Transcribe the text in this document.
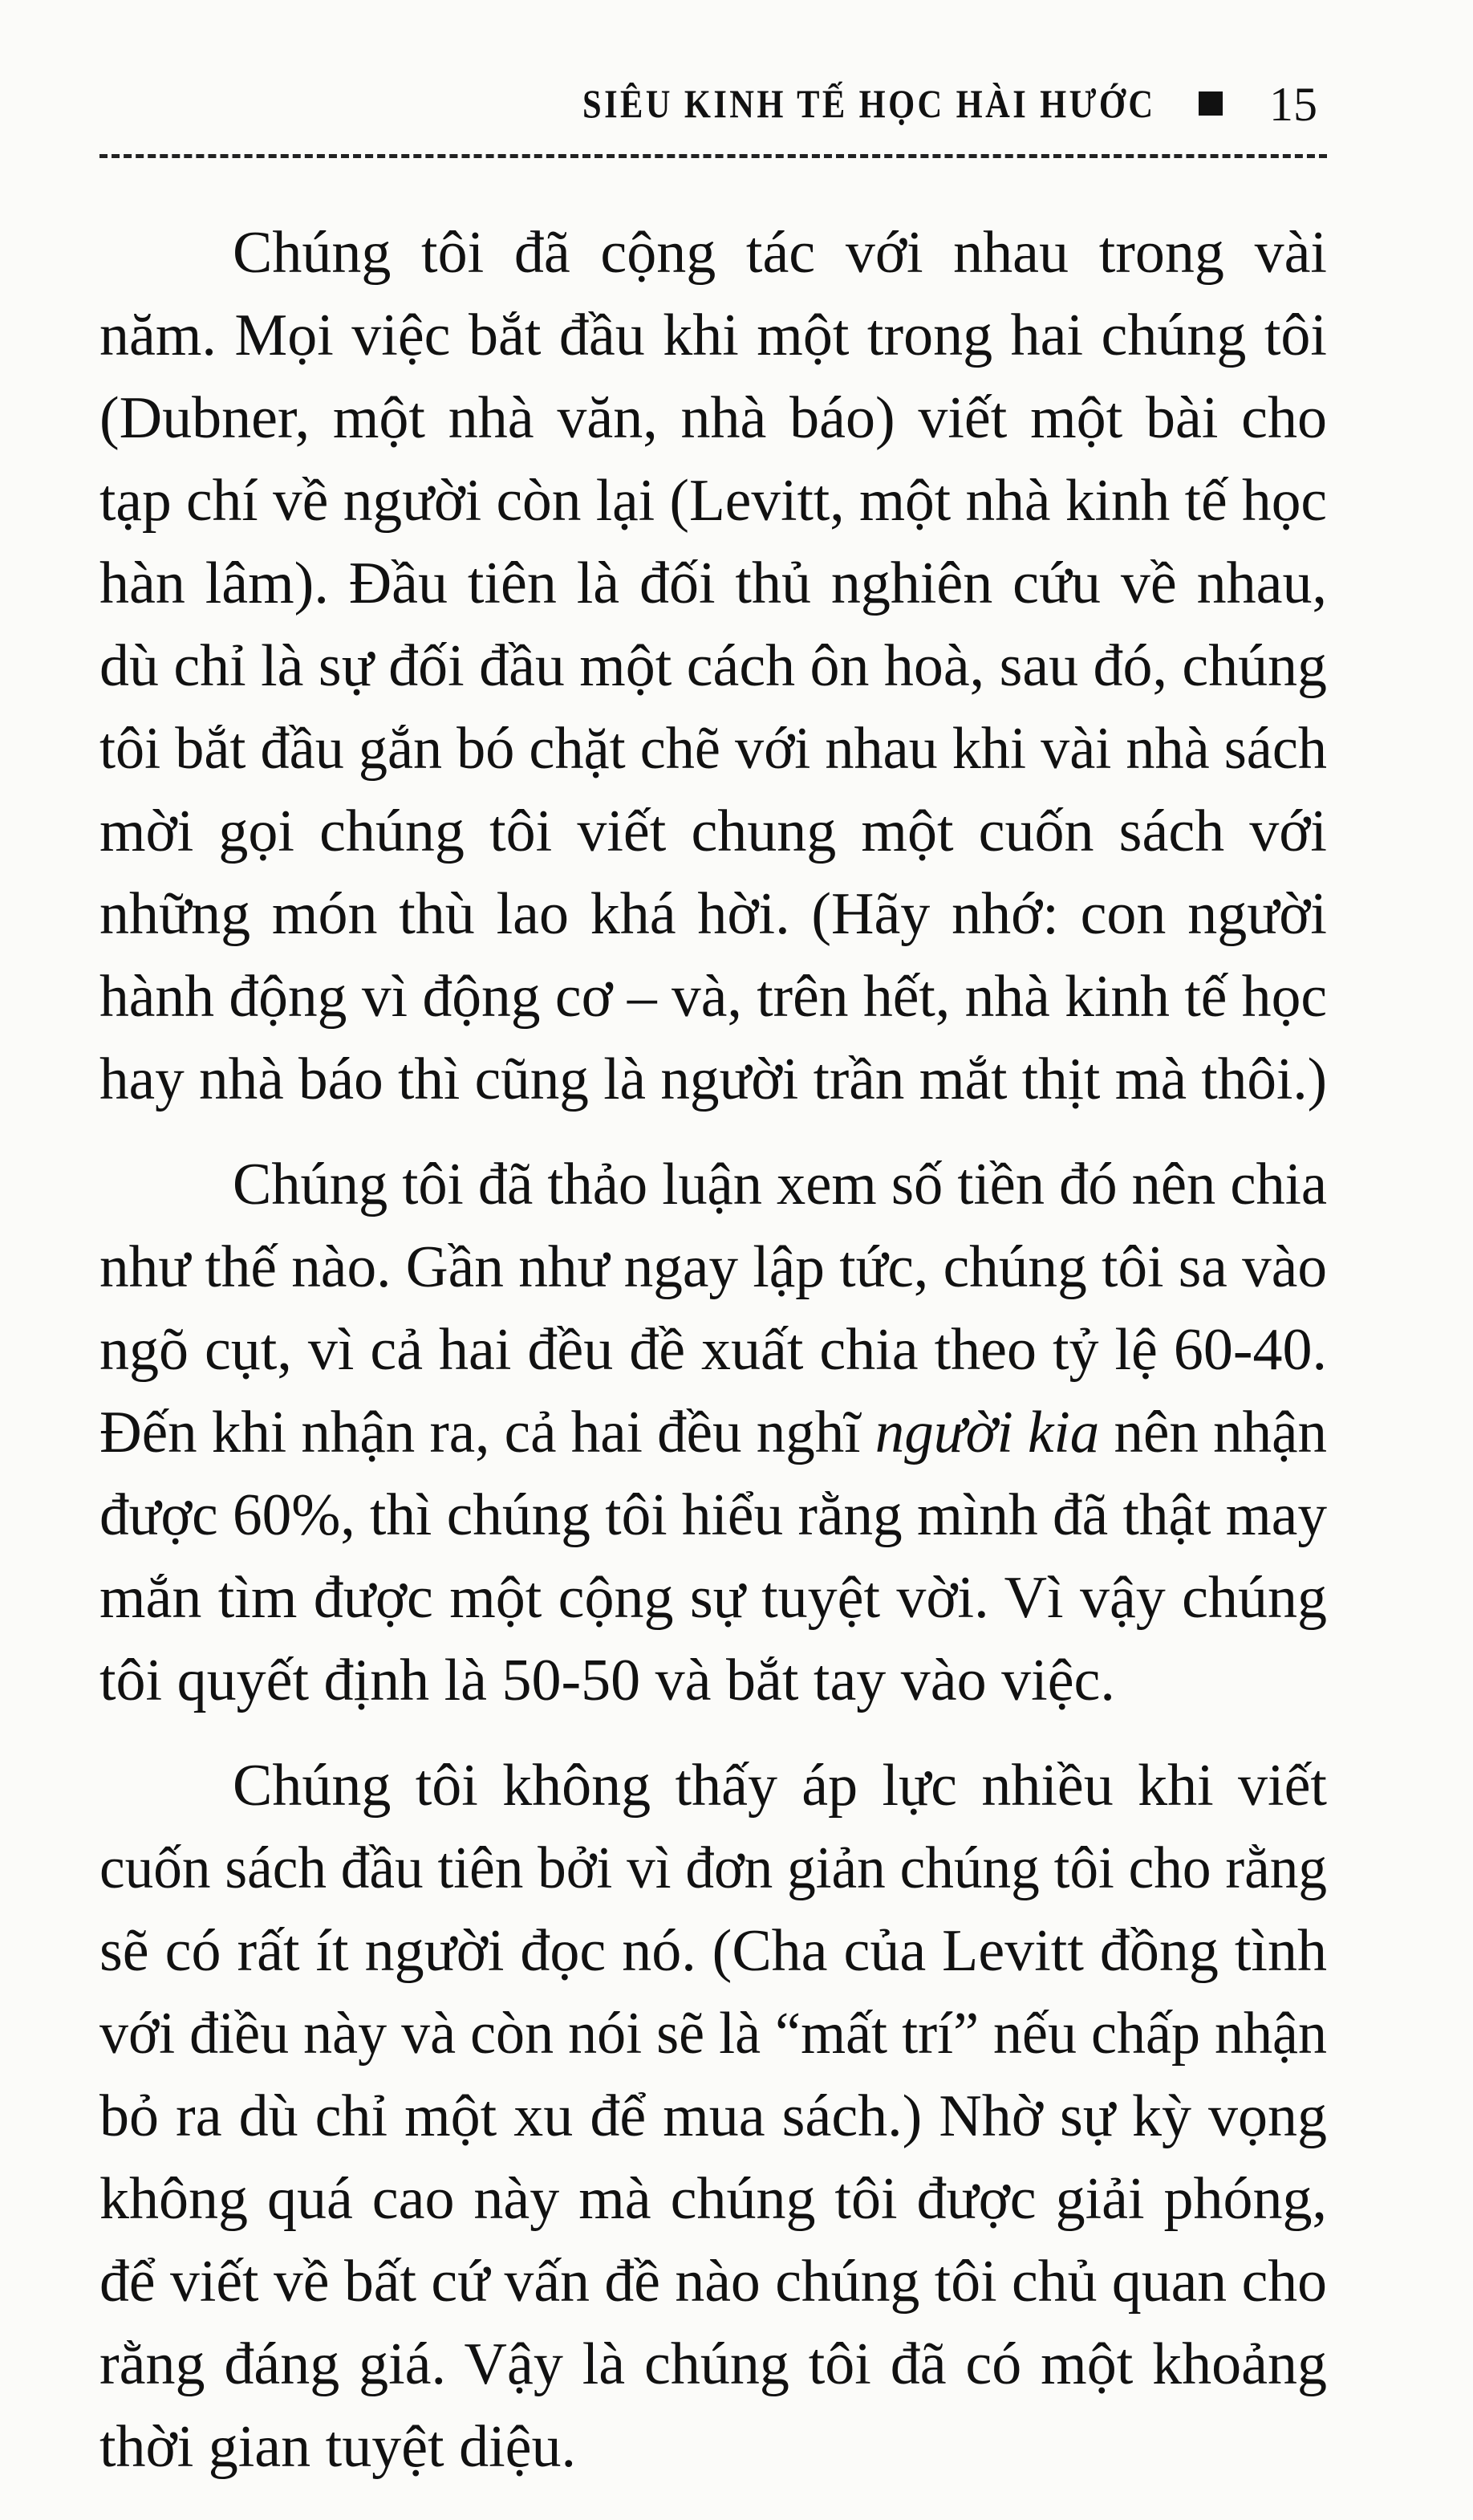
SIÊU KINH TẾ HỌC HÀI HƯỚC 15
Chúng tôi đã cộng tác với nhau trong vài
năm. Mọi việc bắt đầu khi một trong hai chúng tôi
(Dubner, một nhà văn, nhà báo) viết một bài cho
tạp chí về người còn lại (Levitt, một nhà kinh tế học
hàn lâm). Đầu tiên là đối thủ nghiên cứu về nhau,
dù chỉ là sự đối đầu một cách ôn hoà, sau đó, chúng
tôi bắt đầu gắn bó chặt chẽ với nhau khi vài nhà sách
mời gọi chúng tôi viết chung một cuốn sách với
những món thù lao khá hời. (Hãy nhớ: con người
hành động vì động cơ – và, trên hết, nhà kinh tế học
hay nhà báo thì cũng là người trần mắt thịt mà thôi.)
Chúng tôi đã thảo luận xem số tiền đó nên chia
như thế nào. Gần như ngay lập tức, chúng tôi sa vào
ngõ cụt, vì cả hai đều đề xuất chia theo tỷ lệ 60-40.
Đến khi nhận ra, cả hai đều nghĩ người kia nên nhận
được 60%, thì chúng tôi hiểu rằng mình đã thật may
mắn tìm được một cộng sự tuyệt vời. Vì vậy chúng
tôi quyết định là 50-50 và bắt tay vào việc.
Chúng tôi không thấy áp lực nhiều khi viết
cuốn sách đầu tiên bởi vì đơn giản chúng tôi cho rằng
sẽ có rất ít người đọc nó. (Cha của Levitt đồng tình
với điều này và còn nói sẽ là “mất trí” nếu chấp nhận
bỏ ra dù chỉ một xu để mua sách.) Nhờ sự kỳ vọng
không quá cao này mà chúng tôi được giải phóng,
để viết về bất cứ vấn đề nào chúng tôi chủ quan cho
rằng đáng giá. Vậy là chúng tôi đã có một khoảng
thời gian tuyệt diệu.
